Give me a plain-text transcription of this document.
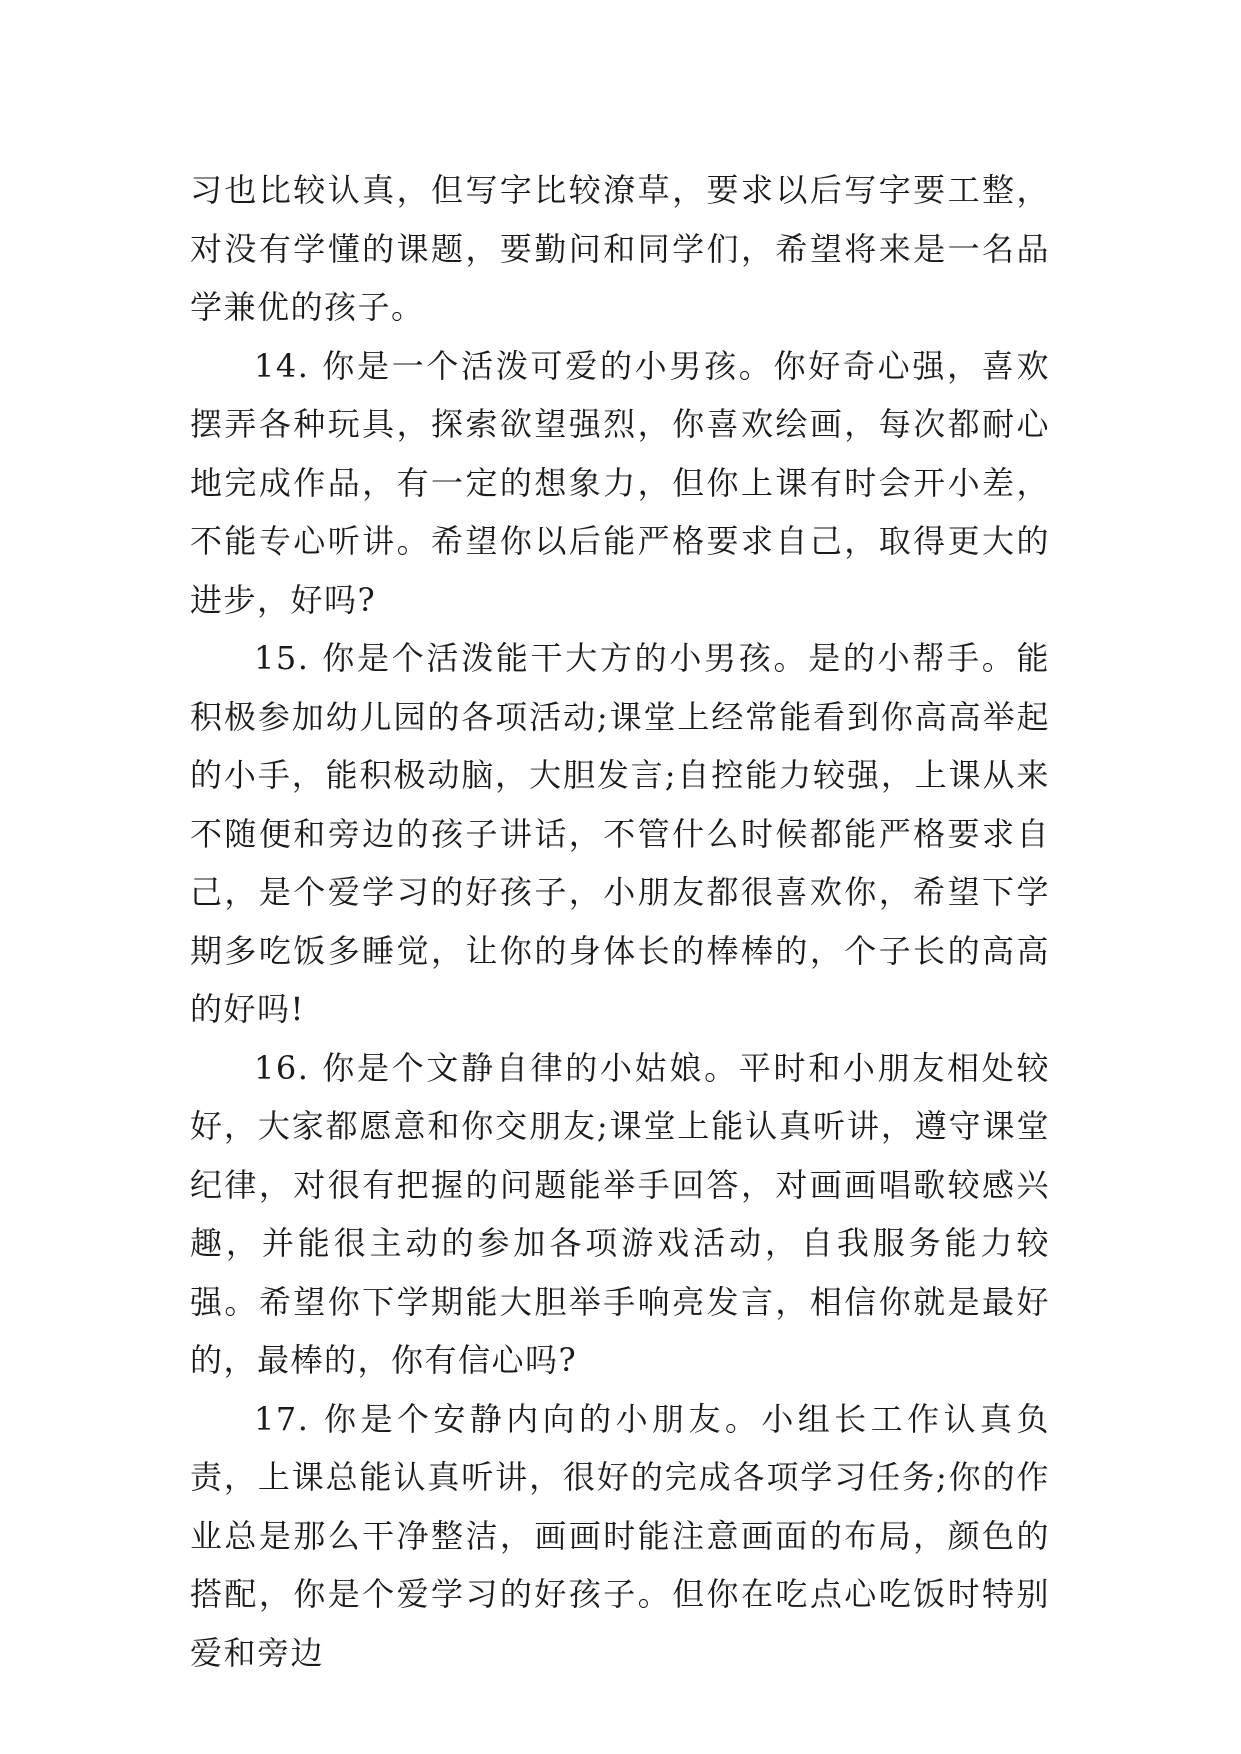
习也比较认真，但写字比较潦草，要求以后写字要工整，对没有学懂的课题，要勤问和同学们，希望将来是一名品学兼优的孩子。

14. 你是一个活泼可爱的小男孩。你好奇心强，喜欢摆弄各种玩具，探索欲望强烈，你喜欢绘画，每次都耐心地完成作品，有一定的想象力，但你上课有时会开小差，不能专心听讲。希望你以后能严格要求自己，取得更大的进步，好吗?

15. 你是个活泼能干大方的小男孩。是的小帮手。能积极参加幼儿园的各项活动;课堂上经常能看到你高高举起的小手，能积极动脑，大胆发言;自控能力较强，上课从来不随便和旁边的孩子讲话，不管什么时候都能严格要求自己，是个爱学习的好孩子，小朋友都很喜欢你，希望下学期多吃饭多睡觉，让你的身体长的棒棒的，个子长的高高的好吗!

16. 你是个文静自律的小姑娘。平时和小朋友相处较好，大家都愿意和你交朋友;课堂上能认真听讲，遵守课堂纪律，对很有把握的问题能举手回答，对画画唱歌较感兴趣，并能很主动的参加各项游戏活动，自我服务能力较强。希望你下学期能大胆举手响亮发言，相信你就是最好的，最棒的，你有信心吗?

17. 你是个安静内向的小朋友。小组长工作认真负责，上课总能认真听讲，很好的完成各项学习任务;你的作业总是那么干净整洁，画画时能注意画面的布局，颜色的搭配，你是个爱学习的好孩子。但你在吃点心吃饭时特别爱和旁边
